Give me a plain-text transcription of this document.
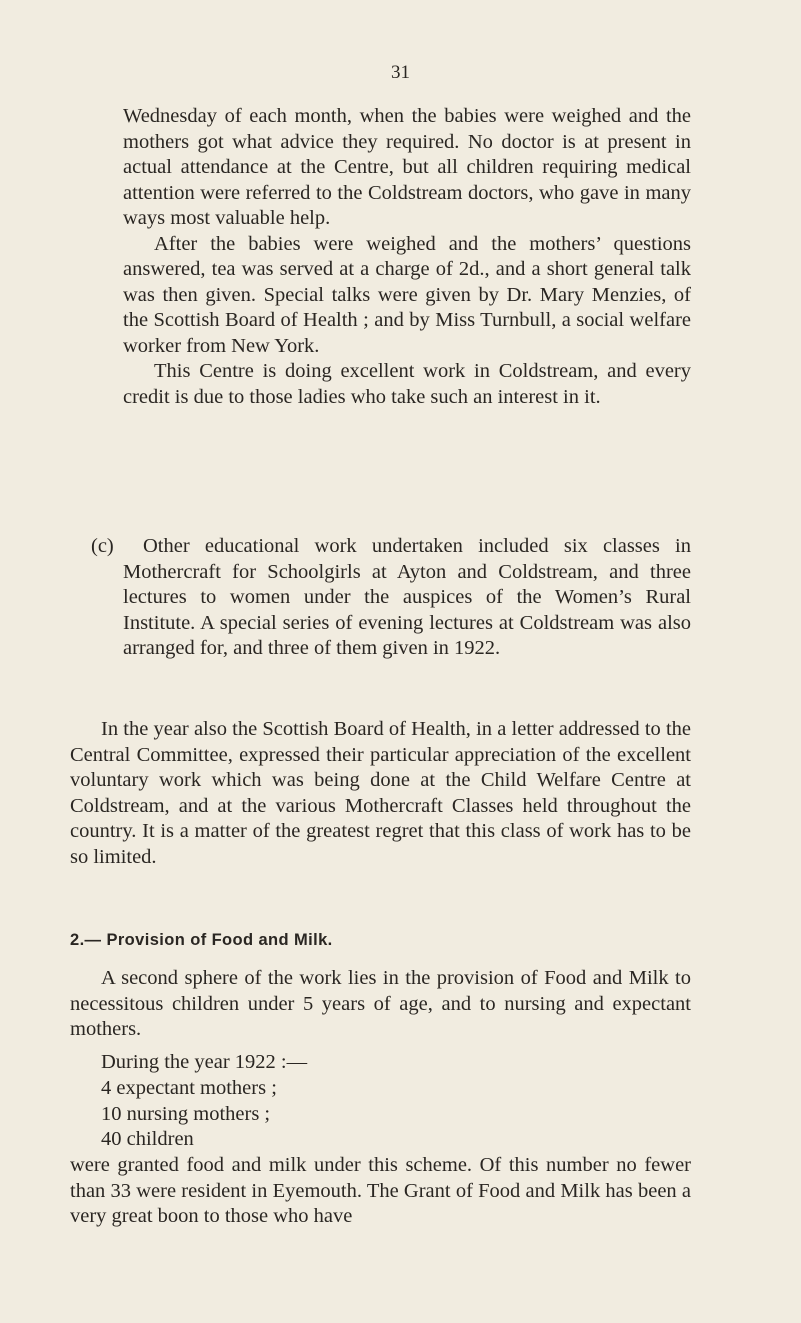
31

Wednesday of each month, when the babies were weighed and the mothers got what advice they required. No doctor is at present in actual attendance at the Centre, but all children requiring medical attention were referred to the Coldstream doctors, who gave in many ways most valuable help.

After the babies were weighed and the mothers’ questions answered, tea was served at a charge of 2d., and a short general talk was then given. Special talks were given by Dr. Mary Menzies, of the Scottish Board of Health ; and by Miss Turnbull, a social welfare worker from New York.

This Centre is doing excellent work in Coldstream, and every credit is due to those ladies who take such an interest in it.

(c)	Other educational work undertaken included six classes in Mothercraft for Schoolgirls at Ayton and Coldstream, and three lectures to women under the auspices of the Women’s Rural Institute. A special series of evening lectures at Coldstream was also arranged for, and three of them given in 1922.

In the year also the Scottish Board of Health, in a letter addressed to the Central Committee, expressed their particular appreciation of the excellent voluntary work which was being done at the Child Welfare Centre at Coldstream, and at the various Mothercraft Classes held throughout the country. It is a matter of the greatest regret that this class of work has to be so limited.

2.— Provision of Food and Milk.

A second sphere of the work lies in the provision of Food and Milk to necessitous children under 5 years of age, and to nursing and expectant mothers.

During the year 1922 :—

4 expectant mothers ;
10 nursing mothers ;
40 children

were granted food and milk under this scheme. Of this number no fewer than 33 were resident in Eyemouth. The Grant of Food and Milk has been a very great boon to those who have
